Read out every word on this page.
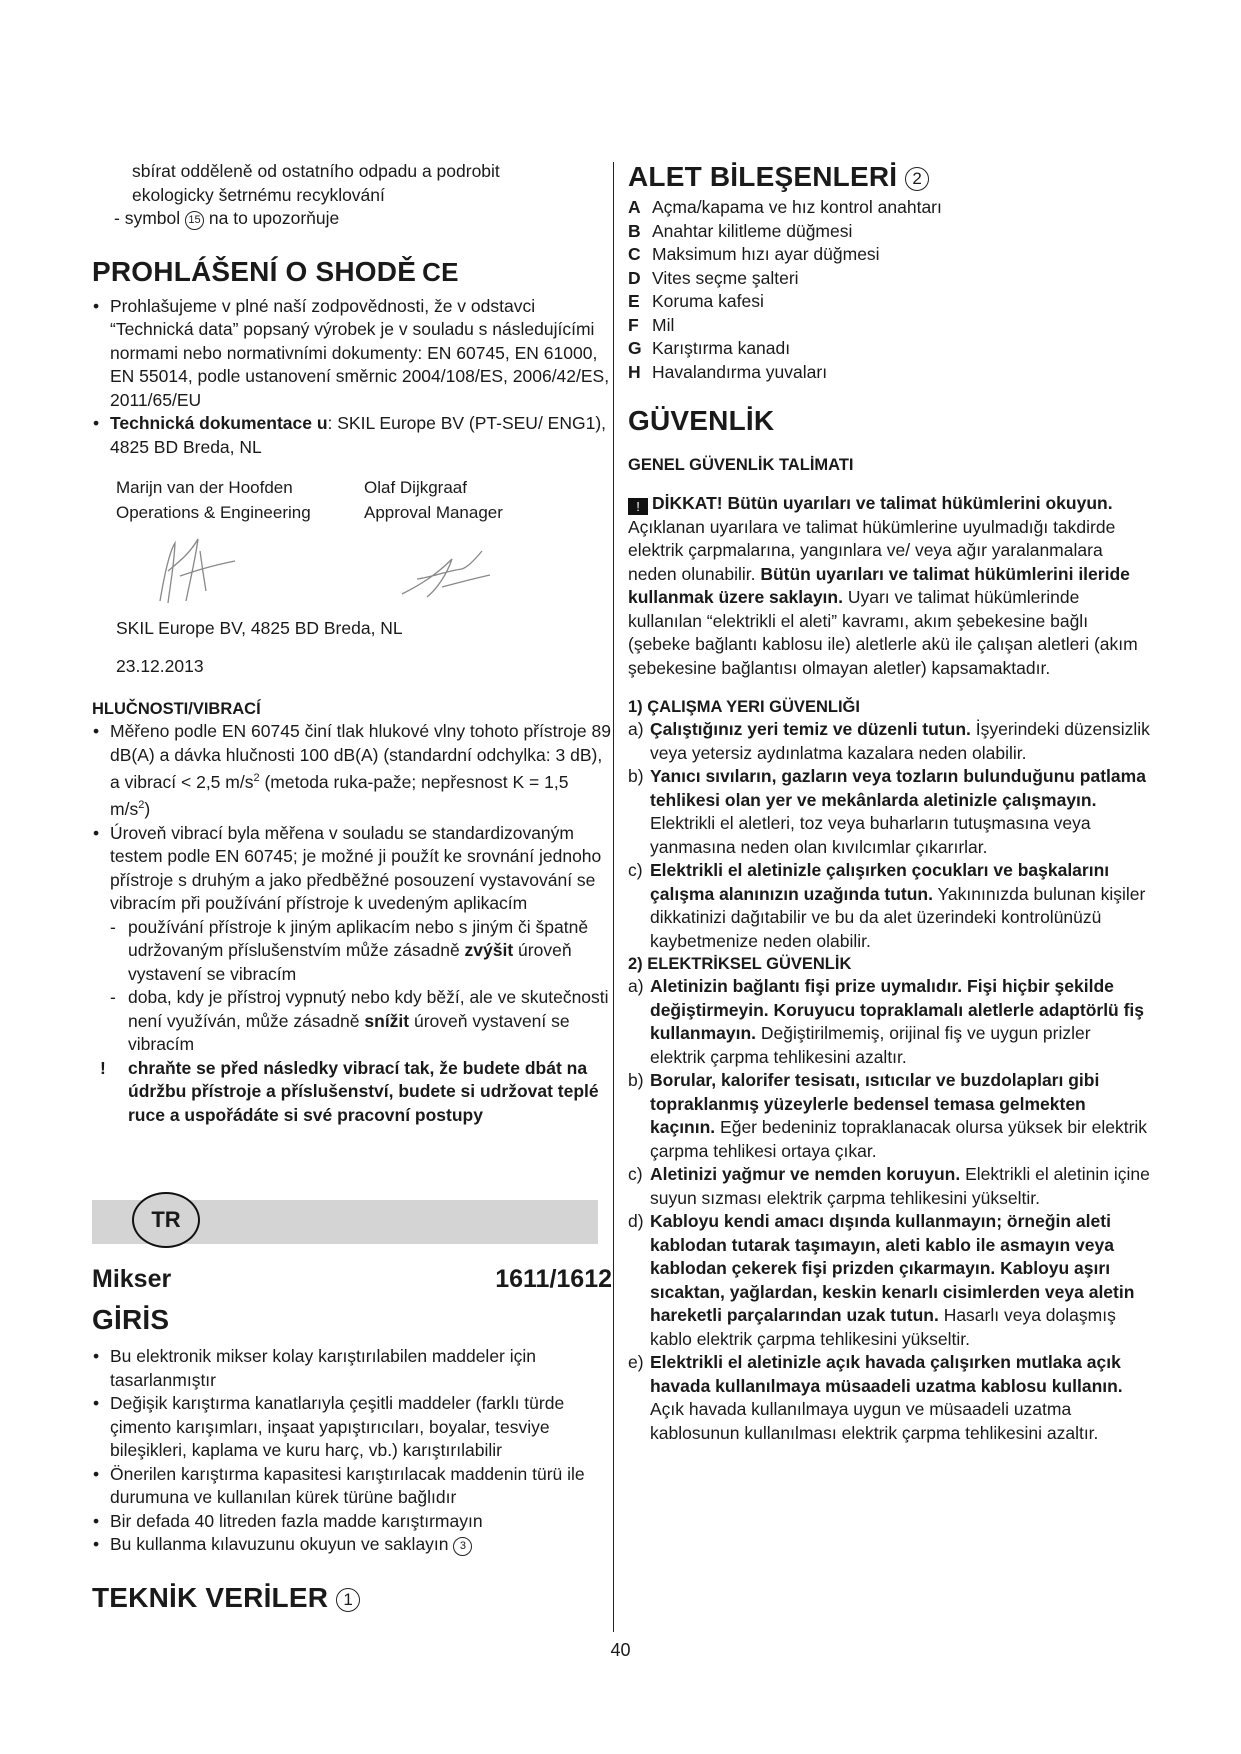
sbírat odděleně od ostatního odpadu a podrobit

ekologicky šetrnému recyklování

- symbol 15 na to upozorňuje

PROHLÁŠENÍ O SHODĚ CE

• Prohlašujeme v plné naší zodpovědnosti, že v odstavci “Technická data” popsaný výrobek je v souladu s následujícími normami nebo normativními dokumenty: EN 60745, EN 61000, EN 55014, podle ustanovení směrnic 2004/108/ES, 2006/42/ES, 2011/65/EU

• Technická dokumentace u: SKIL Europe BV (PT-SEU/ ENG1), 4825 BD Breda, NL

Marijn van der Hoofden
Operations & Engineering
Olaf Dijkgraaf
Approval Manager

SKIL Europe BV, 4825 BD Breda, NL

23.12.2013

HLUČNOSTI/VIBRACÍ

• Měřeno podle EN 60745 činí tlak hlukové vlny tohoto přístroje 89 dB(A) a dávka hlučnosti 100 dB(A) (standardní odchylka: 3 dB), a vibrací < 2,5 $m/s^2$ (metoda ruka-paže; nepřesnost K = 1,5 $m/s^2$)

• Úroveň vibrací byla měřena v souladu se standardizovaným testem podle EN 60745; je možné ji použít ke srovnání jednoho přístroje s druhým a jako předběžné posouzení vystavování se vibracím při používání přístroje k uvedeným aplikacím

- používání přístroje k jiným aplikacím nebo s jiným či špatně udržovaným příslušenstvím může zásadně zvýšit úroveň vystavení se vibracím

- doba, kdy je přístroj vypnutý nebo kdy běží, ale ve skutečnosti není využíván, může zásadně snížit úroveň vystavení se vibracím

! chraňte se před následky vibrací tak, že budete dbát na údržbu přístroje a příslušenství, budete si udržovat teplé ruce a uspořádáte si své pracovní postupy

TR
Mikser	1611/1612

GİRİS

• Bu elektronik mikser kolay karıştırılabilen maddeler için tasarlanmıştır

• Değişik karıştırma kanatlarıyla çeşitli maddeler (farklı türde çimento karışımları, inşaat yapıştırıcıları, boyalar, tesviye bileşikleri, kaplama ve kuru harç, vb.) karıştırılabilir

• Önerilen karıştırma kapasitesi karıştırılacak maddenin türü ile durumuna ve kullanılan kürek türüne bağlıdır

• Bir defada 40 litreden fazla madde karıştırmayın

• Bu kullanma kılavuzunu okuyun ve saklayın 3

TEKNİK VERİLER 1
ALET BİLEŞENLERİ 2
A Açma/kapama ve hız kontrol anahtarı
B Anahtar kilitleme düğmesi
C Maksimum hızı ayar düğmesi
D Vites seçme şalteri
E Koruma kafesi
F Mil
G Karıştırma kanadı
H Havalandırma yuvaları

GÜVENLİK

GENEL GÜVENLİK TALİMATI

! DİKKAT! Bütün uyarıları ve talimat hükümlerini okuyun. Açıklanan uyarılara ve talimat hükümlerine uyulmadığı takdirde elektrik çarpmalarına, yangınlara ve/ veya ağır yaralanmalara neden olunabilir. Bütün uyarıları ve talimat hükümlerini ileride kullanmak üzere saklayın. Uyarı ve talimat hükümlerinde kullanılan “elektrikli el aleti” kavramı, akım şebekesine bağlı (şebeke bağlantı kablosu ile) aletlerle akü ile çalışan aletleri (akım şebekesine bağlantısı olmayan aletler) kapsamaktadır.

1) ÇALIŞMA YERI GÜVENLIĞI

a) Çalıştığınız yeri temiz ve düzenli tutun. İşyerindeki düzensizlik veya yetersiz aydınlatma kazalara neden olabilir.

b) Yanıcı sıvıların, gazların veya tozların bulunduğunu patlama tehlikesi olan yer ve mekânlarda aletinizle çalışmayın. Elektrikli el aletleri, toz veya buharların tutuşmasına veya yanmasına neden olan kıvılcımlar çıkarırlar.

c) Elektrikli el aletinizle çalışırken çocukları ve başkalarını çalışma alanınızın uzağında tutun. Yakınınızda bulunan kişiler dikkatinizi dağıtabilir ve bu da alet üzerindeki kontrolünüzü kaybetmenize neden olabilir.

2) ELEKTRİKSEL GÜVENLİK

a) Aletinizin bağlantı fişi prize uymalıdır. Fişi hiçbir şekilde değiştirmeyin. Koruyucu topraklamalı aletlerle adaptörlü fiş kullanmayın. Değiştirilmemiş, orijinal fiş ve uygun prizler elektrik çarpma tehlikesini azaltır.

b) Borular, kalorifer tesisatı, ısıtıcılar ve buzdolapları gibi topraklanmış yüzeylerle bedensel temasa gelmekten kaçının. Eğer bedeniniz topraklanacak olursa yüksek bir elektrik çarpma tehlikesi ortaya çıkar.

c) Aletinizi yağmur ve nemden koruyun. Elektrikli el aletinin içine suyun sızması elektrik çarpma tehlikesini yükseltir.

d) Kabloyu kendi amacı dışında kullanmayın; örneğin aleti kablodan tutarak taşımayın, aleti kablo ile asmayın veya kablodan çekerek fişi prizden çıkarmayın. Kabloyu aşırı sıcaktan, yağlardan, keskin kenarlı cisimlerden veya aletin hareketli parçalarından uzak tutun. Hasarlı veya dolaşmış kablo elektrik çarpma tehlikesini yükseltir.

e) Elektrikli el aletinizle açık havada çalışırken mutlaka açık havada kullanılmaya müsaadeli uzatma kablosu kullanın. Açık havada kullanılmaya uygun ve müsaadeli uzatma kablosunun kullanılması elektrik çarpma tehlikesini azaltır.

40
